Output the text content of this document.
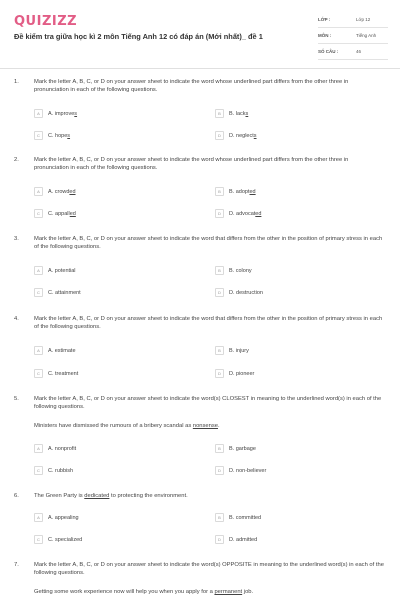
QUIZIZZ
Đề kiểm tra giữa học kì 2 môn Tiếng Anh 12 có đáp án (Mới nhất)_ đề 1
LỚP :	Lớp 12
MÔN :	Tiếng Anh
SỐ CÂU :	46
1.	Mark the letter A, B, C, or D on your answer sheet to indicate the word whose underlined part differs from the other three in pronunciation in each of the following questions.
A	A. improves	B	B. lacks
C	C. hopes	D	D. neglects
2.	Mark the letter A, B, C, or D on your answer sheet to indicate the word whose underlined part differs from the other three in pronunciation in each of the following questions.
A	A. crowded	B	B. adopted
C	C. appalled	D	D. advocated
3.	Mark the letter A, B, C, or D on your answer sheet to indicate the word that differs from the other in the position of primary stress in each of the following questions.
A	A. potential	B	B. colony
C	C. attainment	D	D. destruction
4.	Mark the letter A, B, C, or D on your answer sheet to indicate the word that differs from the other in the position of primary stress in each of the following questions.
A	A. estimate	B	B. injury
C	C. treatment	D	D. pioneer
5.	Mark the letter A, B, C, or D on your answer sheet to indicate the word(s) CLOSEST in meaning to the underlined word(s) in each of the following questions.
Ministers have dismissed the rumours of a bribery scandal as nonsense.
A	A. nonprofit	B	B. garbage
C	C. rubbish	D	D. non-believer
6.	The Green Party is dedicated to protecting the environment.
A	A. appealing	B	B. committed
C	C. specialized	D	D. admitted
7.	Mark the letter A, B, C, or D on your answer sheet to indicate the word(s) OPPOSITE in meaning to the underlined word(s) in each of the following questions.
Getting some work experience now will help you when you apply for a permanent job.
